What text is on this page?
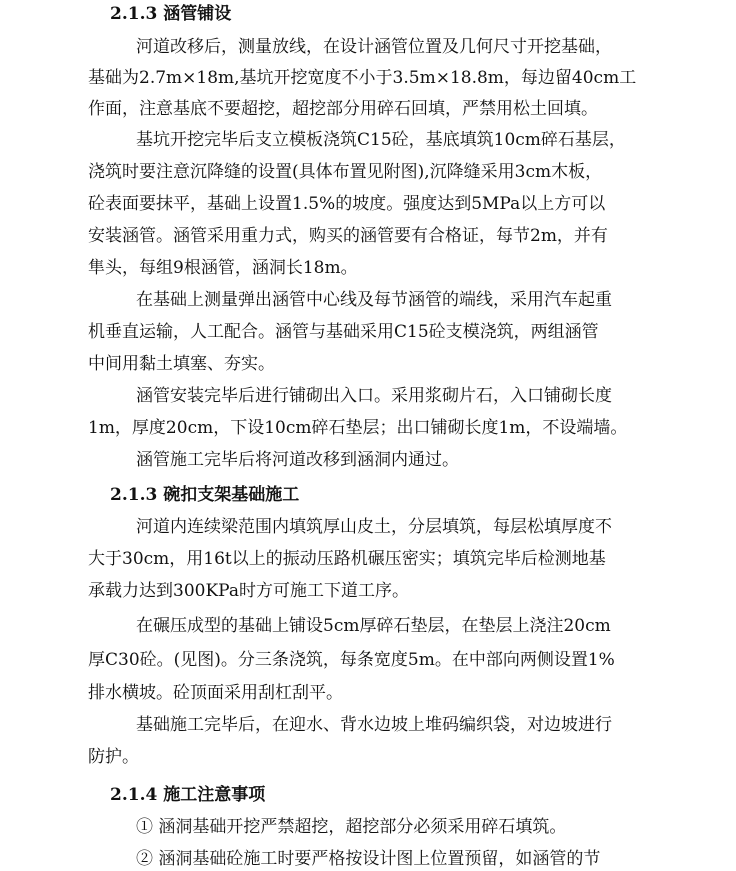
2.1.3 涵管铺设
河道改移后，测量放线，在设计涵管位置及几何尺寸开挖基础，
基础为2.7m×18m,基坑开挖宽度不小于3.5m×18.8m，每边留40cm工
作面，注意基底不要超挖，超挖部分用碎石回填，严禁用松土回填。
基坑开挖完毕后支立模板浇筑C15砼，基底填筑10cm碎石基层，
浇筑时要注意沉降缝的设置(具体布置见附图),沉降缝采用3cm木板，
砼表面要抹平，基础上设置1.5%的坡度。强度达到5MPa以上方可以
安装涵管。涵管采用重力式，购买的涵管要有合格证，每节2m，并有
隼头，每组9根涵管，涵洞长18m。
在基础上测量弹出涵管中心线及每节涵管的端线，采用汽车起重
机垂直运输，人工配合。涵管与基础采用C15砼支模浇筑，两组涵管
中间用黏土填塞、夯实。
涵管安装完毕后进行铺砌出入口。采用浆砌片石，入口铺砌长度
1m，厚度20cm，下设10cm碎石垫层；出口铺砌长度1m，不设端墙。
涵管施工完毕后将河道改移到涵洞内通过。
2.1.3 碗扣支架基础施工
河道内连续梁范围内填筑厚山皮土，分层填筑，每层松填厚度不
大于30cm，用16t以上的振动压路机碾压密实；填筑完毕后检测地基
承载力达到300KPa时方可施工下道工序。
在碾压成型的基础上铺设5cm厚碎石垫层，在垫层上浇注20cm
厚C30砼。(见图)。分三条浇筑，每条宽度5m。在中部向两侧设置1%
排水横坡。砼顶面采用刮杠刮平。
基础施工完毕后，在迎水、背水边坡上堆码编织袋，对边坡进行
防护。
2.1.4 施工注意事项
① 涵洞基础开挖严禁超挖，超挖部分必须采用碎石填筑。
② 涵洞基础砼施工时要严格按设计图上位置预留，如涵管的节
